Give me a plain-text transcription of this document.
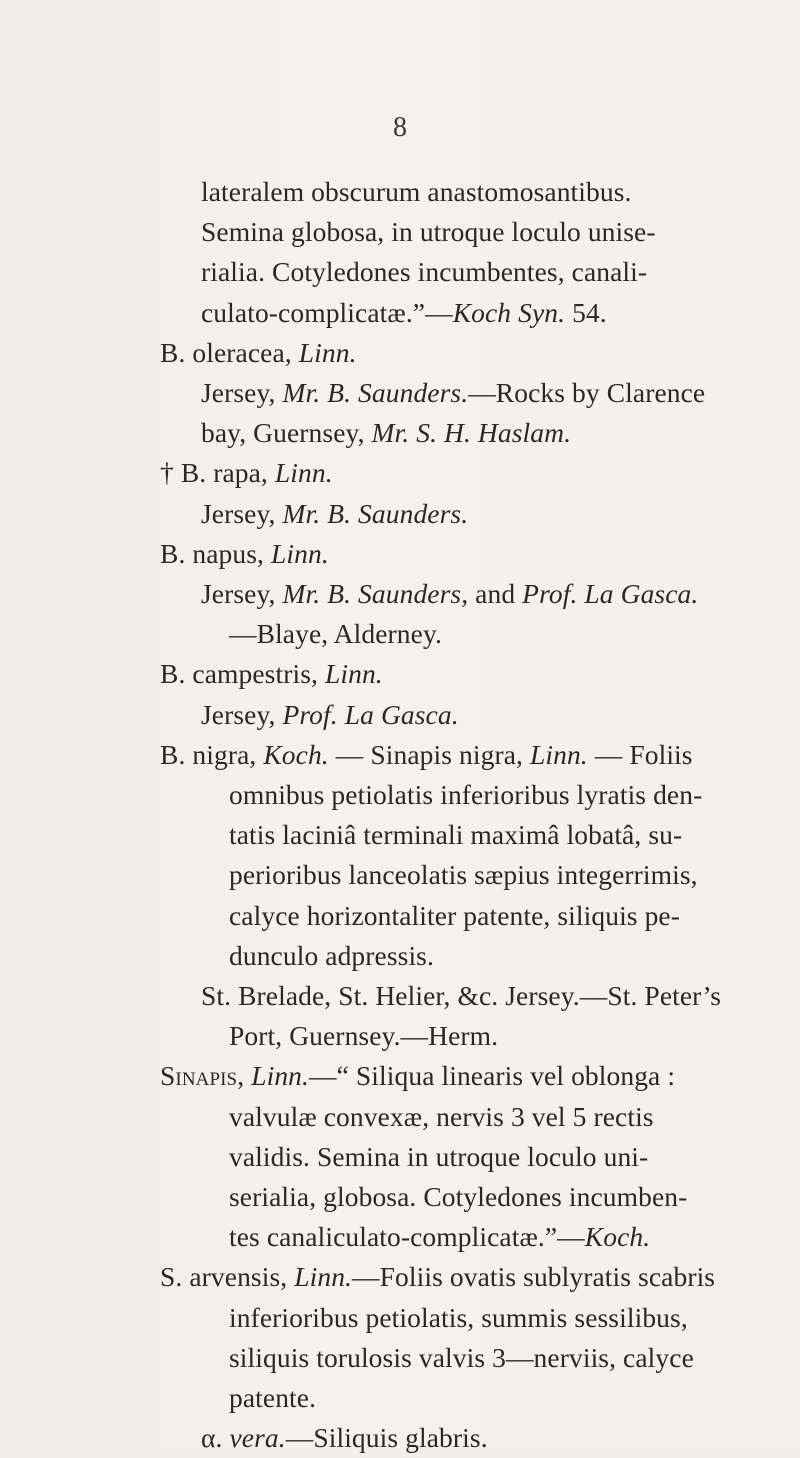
8
lateralem obscurum anastomosantibus.
Semina globosa, in utroque loculo unise-
rialia. Cotyledones incumbentes, canali-
culato-complicatæ.”—Koch Syn. 54.
B. oleracea, Linn.
Jersey, Mr. B. Saunders.—Rocks by Clarence
bay, Guernsey, Mr. S. H. Haslam.
† B. rapa, Linn.
Jersey, Mr. B. Saunders.
B. napus, Linn.
Jersey, Mr. B. Saunders, and Prof. La Gasca.
—Blaye, Alderney.
B. campestris, Linn.
Jersey, Prof. La Gasca.
B. nigra, Koch. — Sinapis nigra, Linn. — Foliis
omnibus petiolatis inferioribus lyratis den-
tatis laciniâ terminali maximâ lobatâ, su-
perioribus lanceolatis sæpius integerrimis,
calyce horizontaliter patente, siliquis pe-
dunculo adpressis.
St. Brelade, St. Helier, &c. Jersey.—St. Peter’s
Port, Guernsey.—Herm.
Sinapis, Linn.—“ Siliqua linearis vel oblonga :
valvulæ convexæ, nervis 3 vel 5 rectis
validis. Semina in utroque loculo uni-
serialia, globosa. Cotyledones incumben-
tes canaliculato-complicatæ.”—Koch.
S. arvensis, Linn.—Foliis ovatis sublyratis scabris
inferioribus petiolatis, summis sessilibus,
siliquis torulosis valvis 3—nerviis, calyce
patente.
α. vera.—Siliquis glabris.
